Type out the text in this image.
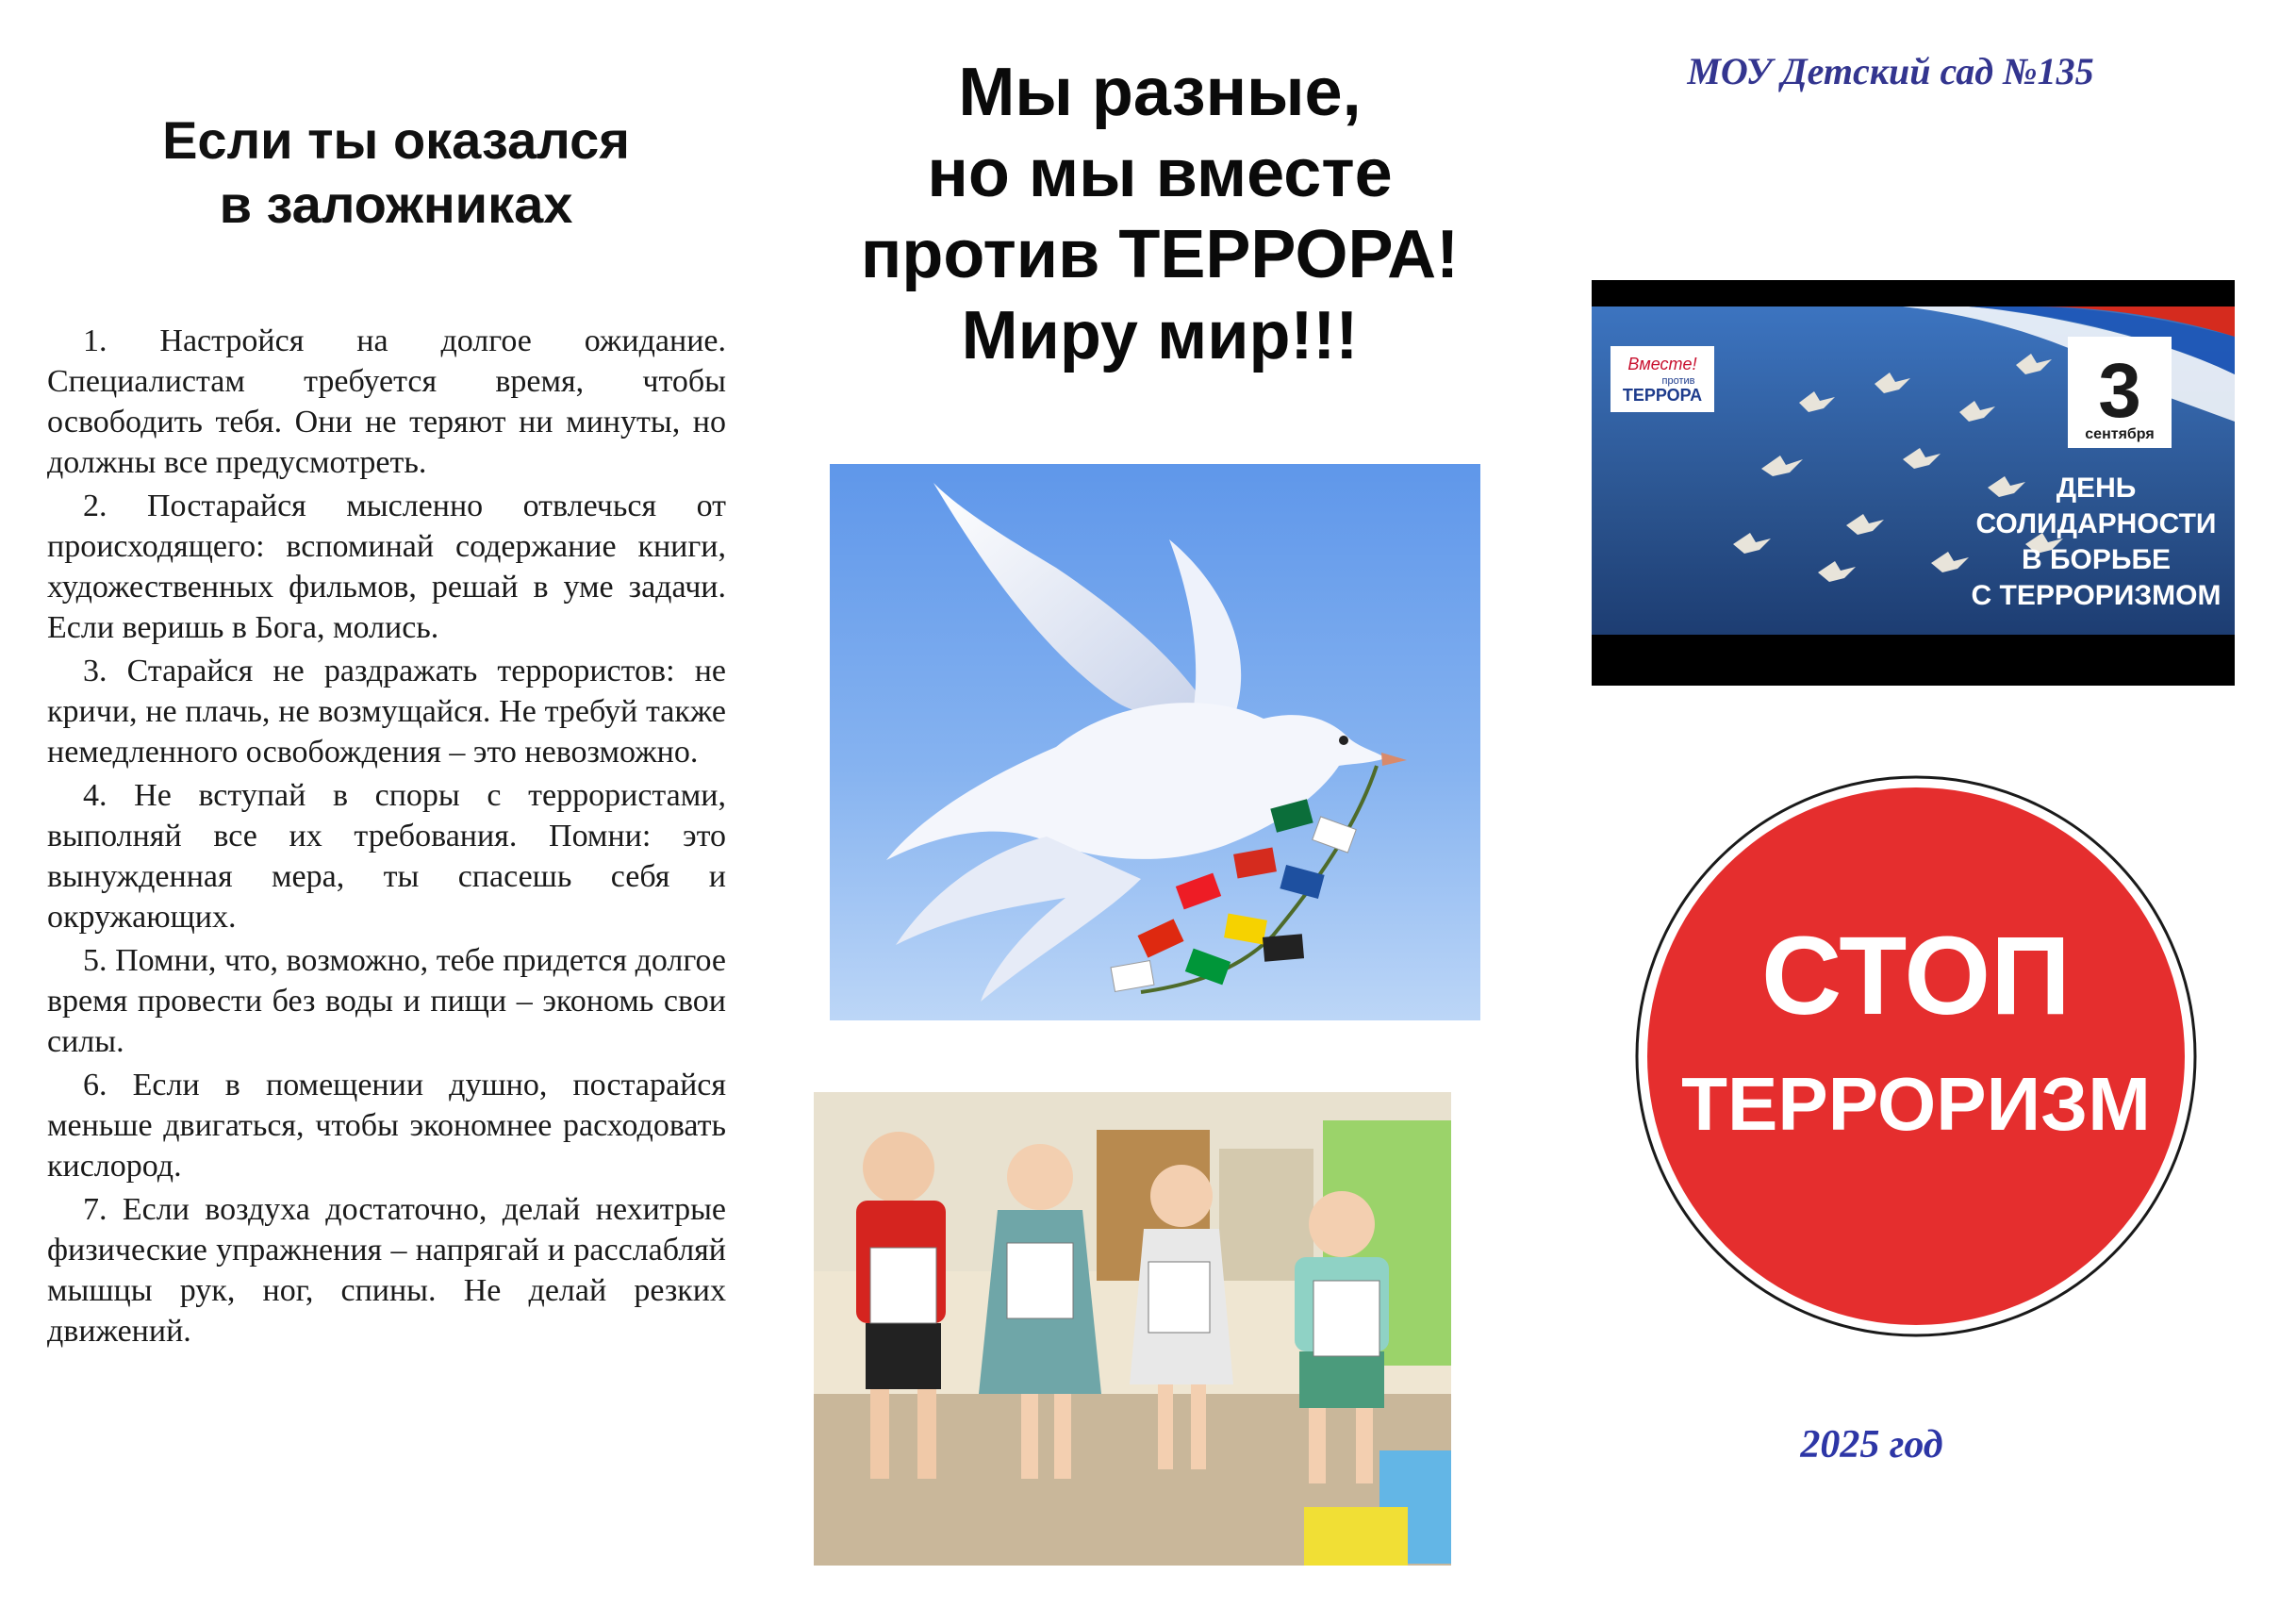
Если ты оказался
в заложниках

1. Настройся на долгое ожидание. Специалистам требуется время, чтобы освободить тебя. Они не теряют ни минуты, но должны все предусмотреть.

2. Постарайся мысленно отвлечься от происходящего: вспоминай содержание книги, художественных фильмов, решай в уме задачи. Если веришь в Бога, молись.

3. Старайся не раздражать террористов: не кричи, не плачь, не возмущайся. Не требуй также немедленного освобождения – это невозможно.

4. Не вступай в споры с террористами, выполняй все их требования. Помни: это вынужденная мера, ты спасешь себя и окружающих.

5. Помни, что, возможно, тебе придется долгое время провести без воды и пищи – экономь свои силы.

6. Если в помещении душно, постарайся меньше двигаться, чтобы экономнее расходовать кислород.

7. Если воздуха достаточно, делай нехитрые физические упражнения – напрягай и расслабляй мышцы рук, ног, спины. Не делай резких движений.

Мы разные,
но мы вместе
против ТЕРРОРА!
Миру мир!!!
МОУ Детский сад №135
Вместе!
против
ТЕРРОРА	3
сентября
ДЕНЬ
СОЛИДАРНОСТИ
В БОРЬБЕ
С ТЕРРОРИЗМОМ
СТОП
ТЕРРОРИЗМ
2025 год
